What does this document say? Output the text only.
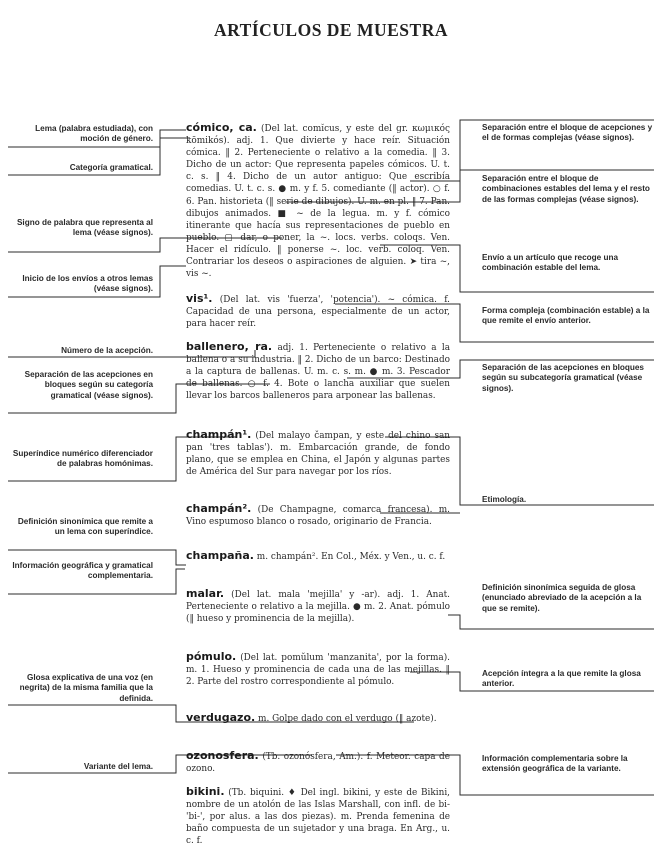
ARTÍCULOS DE MUESTRA
cómico, ca. (Del lat. comĭcus, y este del gr. κωμικός kōmikós). adj. 1. Que divierte y hace reír. Situación cómica. ‖ 2. Perteneciente o relativo a la comedia. ‖ 3. Dicho de un actor: Que representa papeles cómicos. U. t. c. s. ‖ 4. Dicho de un autor antiguo: Que escribía comedias. U. t. c. s. ● m. y f. 5. comediante (‖ actor). ○ f. 6. Pan. historieta (‖ serie de dibujos). U. m. en pl. ‖ 7. Pan. dibujos animados. ■ ~ de la legua. m. y f. cómico itinerante que hacía sus representaciones de pueblo en pueblo. ▢ dar, o poner, la ~. locs. verbs. coloqs. Ven. Hacer el ridículo. ‖ ponerse ~. loc. verb. coloq. Ven. Contrariar los deseos o aspiraciones de alguien. ➤ tira ~, vis ~.
vis¹. (Del lat. vis 'fuerza', 'potencia'). ~ cómica. f. Capacidad de una persona, especialmente de un actor, para hacer reír.
ballenero, ra. adj. 1. Perteneciente o relativo a la ballena o a su industria. ‖ 2. Dicho de un barco: Destinado a la captura de ballenas. U. m. c. s. m. ● m. 3. Pescador de ballenas. ○ f. 4. Bote o lancha auxiliar que suelen llevar los barcos balleneros para arponear las ballenas.
champán¹. (Del malayo čampan, y este del chino san pan 'tres tablas'). m. Embarcación grande, de fondo plano, que se emplea en China, el Japón y algunas partes de América del Sur para navegar por los ríos.
champán². (De Champagne, comarca francesa). m. Vino espumoso blanco o rosado, originario de Francia.
champaña. m. champán². En Col., Méx. y Ven., u. c. f.
malar. (Del lat. mala 'mejilla' y -ar). adj. 1. Anat. Perteneciente o relativo a la mejilla. ● m. 2. Anat. pómulo (‖ hueso y prominencia de la mejilla).
pómulo. (Del lat. pomŭlum 'manzanita', por la forma). m. 1. Hueso y prominencia de cada una de las mejillas. ‖ 2. Parte del rostro correspondiente al pómulo.
verdugazo. m. Golpe dado con el verdugo (‖ azote).
ozonosfera. (Tb. ozonósfera, Am.). f. Meteor. capa de ozono.
bikini. (Tb. biquini. ♦ Del ingl. bikini, y este de Bikini, nombre de un atolón de las Islas Marshall, con infl. de bi- 'bi-', por alus. a las dos piezas). m. Prenda femenina de baño compuesta de un sujetador y una braga. En Arg., u. c. f.
Lema (palabra estudiada), con moción de género.
Categoría gramatical.
Signo de palabra que representa al lema (véase signos).
Inicio de los envíos a otros lemas (véase signos).
Número de la acepción.
Separación de las acepciones en bloques según su categoría gramatical (véase signos).
Superíndice numérico diferenciador de palabras homónimas.
Definición sinonímica que remite a un lema con superíndice.
Información geográfica y gramatical complementaria.
Glosa explicativa de una voz (en negrita) de la misma familia que la definida.
Variante del lema.
Separación entre el bloque de acepciones y el de formas complejas (véase signos).
Separación entre el bloque de combinaciones estables del lema y el resto de las formas complejas (véase signos).
Envío a un artículo que recoge una combinación estable del lema.
Forma compleja (combinación estable) a la que remite el envío anterior.
Separación de las acepciones en bloques según su subcategoría gramatical (véase signos).
Etimología.
Definición sinonímica seguida de glosa (enunciado abreviado de la acepción a la que se remite).
Acepción íntegra a la que remite la glosa anterior.
Información complementaria sobre la extensión geográfica de la variante.
